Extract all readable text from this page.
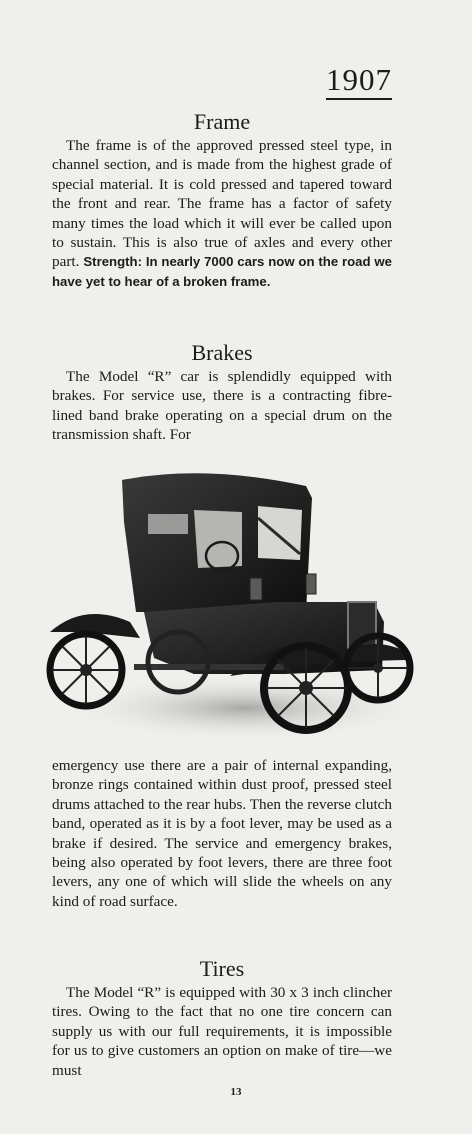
1907
Frame

The frame is of the approved pressed steel type, in channel section, and is made from the highest grade of special material. It is cold pressed and tapered toward the front and rear. The frame has a factor of safety many times the load which it will ever be called upon to sustain. This is also true of axles and every other part. Strength: In nearly 7000 cars now on the road we have yet to hear of a broken frame.

Brakes

The Model “R” car is splendidly equipped with brakes. For service use, there is a contracting fibre-lined band brake operating on a special drum on the transmission shaft. For

emergency use there are a pair of internal expanding, bronze rings contained within dust proof, pressed steel drums attached to the rear hubs. Then the reverse clutch band, operated as it is by a foot lever, may be used as a brake if desired. The service and emergency brakes, being also operated by foot levers, there are three foot levers, any one of which will slide the wheels on any kind of road surface.

Tires

The Model “R” is equipped with 30 x 3 inch clincher tires. Owing to the fact that no one tire concern can supply us with our full requirements, it is impossible for us to give customers an option on make of tire—we must

13
